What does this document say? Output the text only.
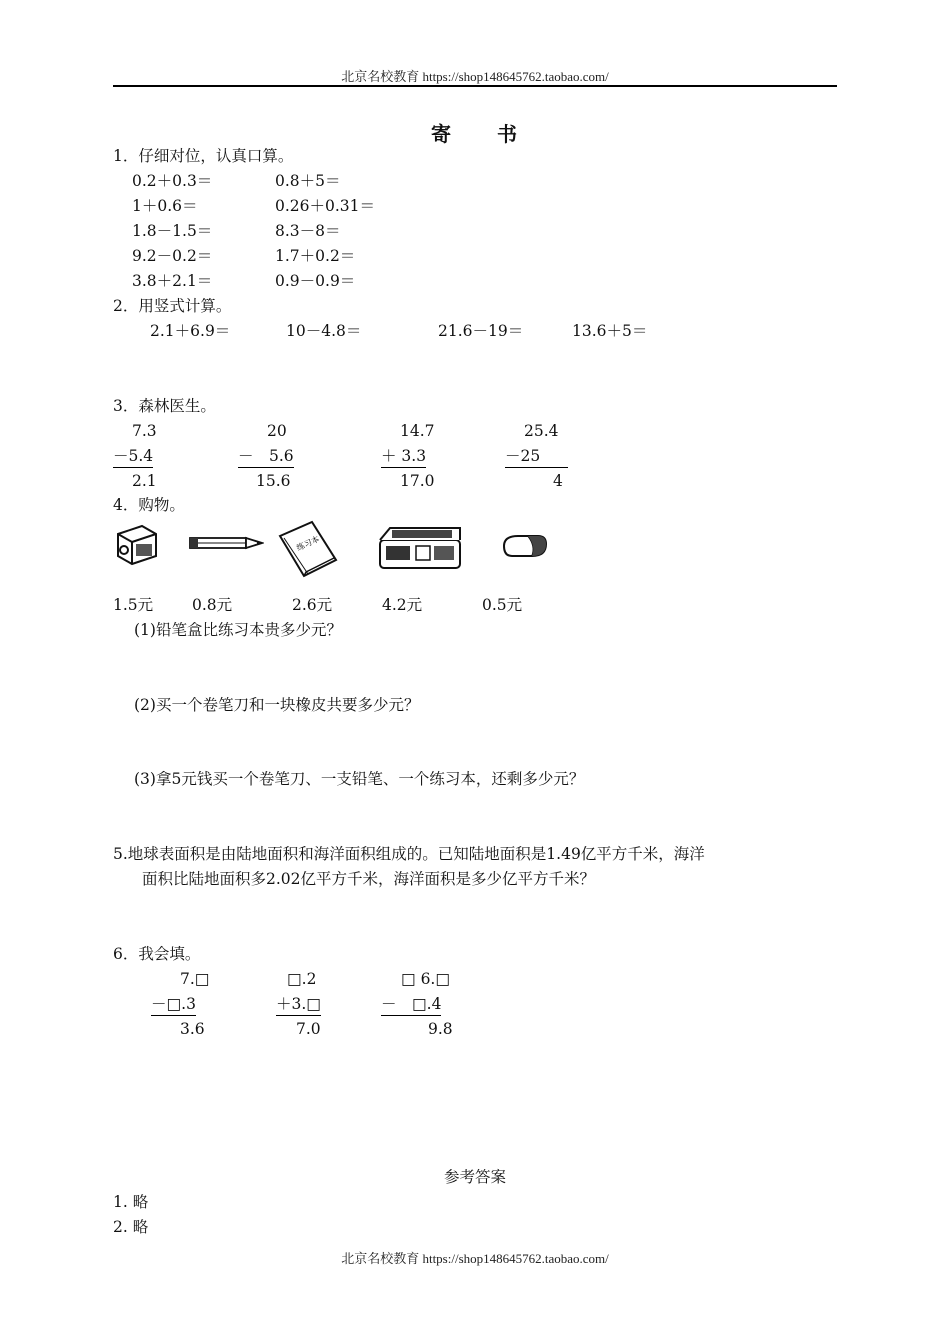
北京名校教育 https://shop148645762.taobao.com/
寄　　书
1．仔细对位，认真口算。
0.2＋0.3＝	0.8＋5＝
1＋0.6＝	0.26＋0.31＝
1.8－1.5＝	8.3－8＝
9.2－0.2＝	1.7＋0.2＝
3.8＋2.1＝	0.9－0.9＝
2．用竖式计算。
2.1＋6.9＝	10－4.8＝	21.6－19＝	13.6＋5＝
3．森林医生。
7.3
－5.4
2.1
20
－　5.6
15.6
14.7
＋ 3.3
17.0
25.4
－25　
4
4．购物。
练习本
1.5元	0.8元	2.6元	4.2元	0.5元
(1)铅笔盒比练习本贵多少元？
(2)买一个卷笔刀和一块橡皮共要多少元？
(3)拿5元钱买一个卷笔刀、一支铅笔、一个练习本，还剩多少元？
5.地球表面积是由陆地面积和海洋面积组成的。已知陆地面积是1.49亿平方千米，海洋
面积比陆地面积多2.02亿平方千米，海洋面积是多少亿平方千米？
6．我会填。
7.□
－□.3
3.6
□.2
＋3.□
7.0
□ 6.□
－　□.4
9.8
参考答案
1. 略
2. 略
北京名校教育 https://shop148645762.taobao.com/
